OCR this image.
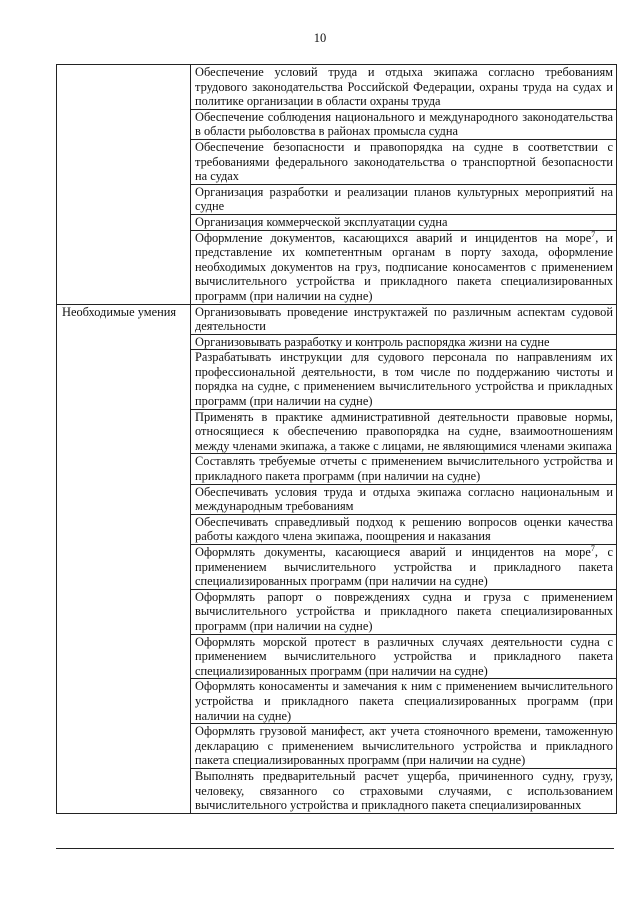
10
	Обеспечение условий труда и отдыха экипажа согласно требованиям трудового законодательства Российской Федерации, охраны труда на судах и политике организации в области охраны труда
	Обеспечение соблюдения национального и международного законодательства в области рыболовства в районах промысла судна
	Обеспечение безопасности и правопорядка на судне в соответствии с требованиями федерального законодательства о транспортной безопасности на судах
	Организация разработки и реализации планов культурных мероприятий на судне
	Организация коммерческой эксплуатации судна
	Оформление документов, касающихся аварий и инцидентов на море$^7$, и представление их компетентным органам в порту захода, оформление необходимых документов на груз, подписание коносаментов с применением вычислительного устройства и прикладного пакета специализированных программ (при наличии на судне)
Необходимые умения	Организовывать проведение инструктажей по различным аспектам судовой деятельности
	Организовывать разработку и контроль распорядка жизни на судне
	Разрабатывать инструкции для судового персонала по направлениям их профессиональной деятельности, в том числе по поддержанию чистоты и порядка на судне, с применением вычислительного устройства и прикладных программ (при наличии на судне)
	Применять в практике административной деятельности правовые нормы, относящиеся к обеспечению правопорядка на судне, взаимоотношениям между членами экипажа, а также с лицами, не являющимися членами экипажа
	Составлять требуемые отчеты с применением вычислительного устройства и прикладного пакета программ (при наличии на судне)
	Обеспечивать условия труда и отдыха экипажа согласно национальным и международным требованиям
	Обеспечивать справедливый подход к решению вопросов оценки качества работы каждого члена экипажа, поощрения и наказания
	Оформлять документы, касающиеся аварий и инцидентов на море$^7$, с применением вычислительного устройства и прикладного пакета специализированных программ (при наличии на судне)
	Оформлять рапорт о повреждениях судна и груза с применением вычислительного устройства и прикладного пакета специализированных программ (при наличии на судне)
	Оформлять морской протест в различных случаях деятельности судна с применением вычислительного устройства и прикладного пакета специализированных программ (при наличии на судне)
	Оформлять коносаменты и замечания к ним с применением вычислительного устройства и прикладного пакета специализированных программ (при наличии на судне)
	Оформлять грузовой манифест, акт учета стояночного времени, таможенную декларацию с применением вычислительного устройства и прикладного пакета специализированных программ (при наличии на судне)
	Выполнять предварительный расчет ущерба, причиненного судну, грузу, человеку, связанного со страховыми случаями, с использованием вычислительного устройства и прикладного пакета специализированных
